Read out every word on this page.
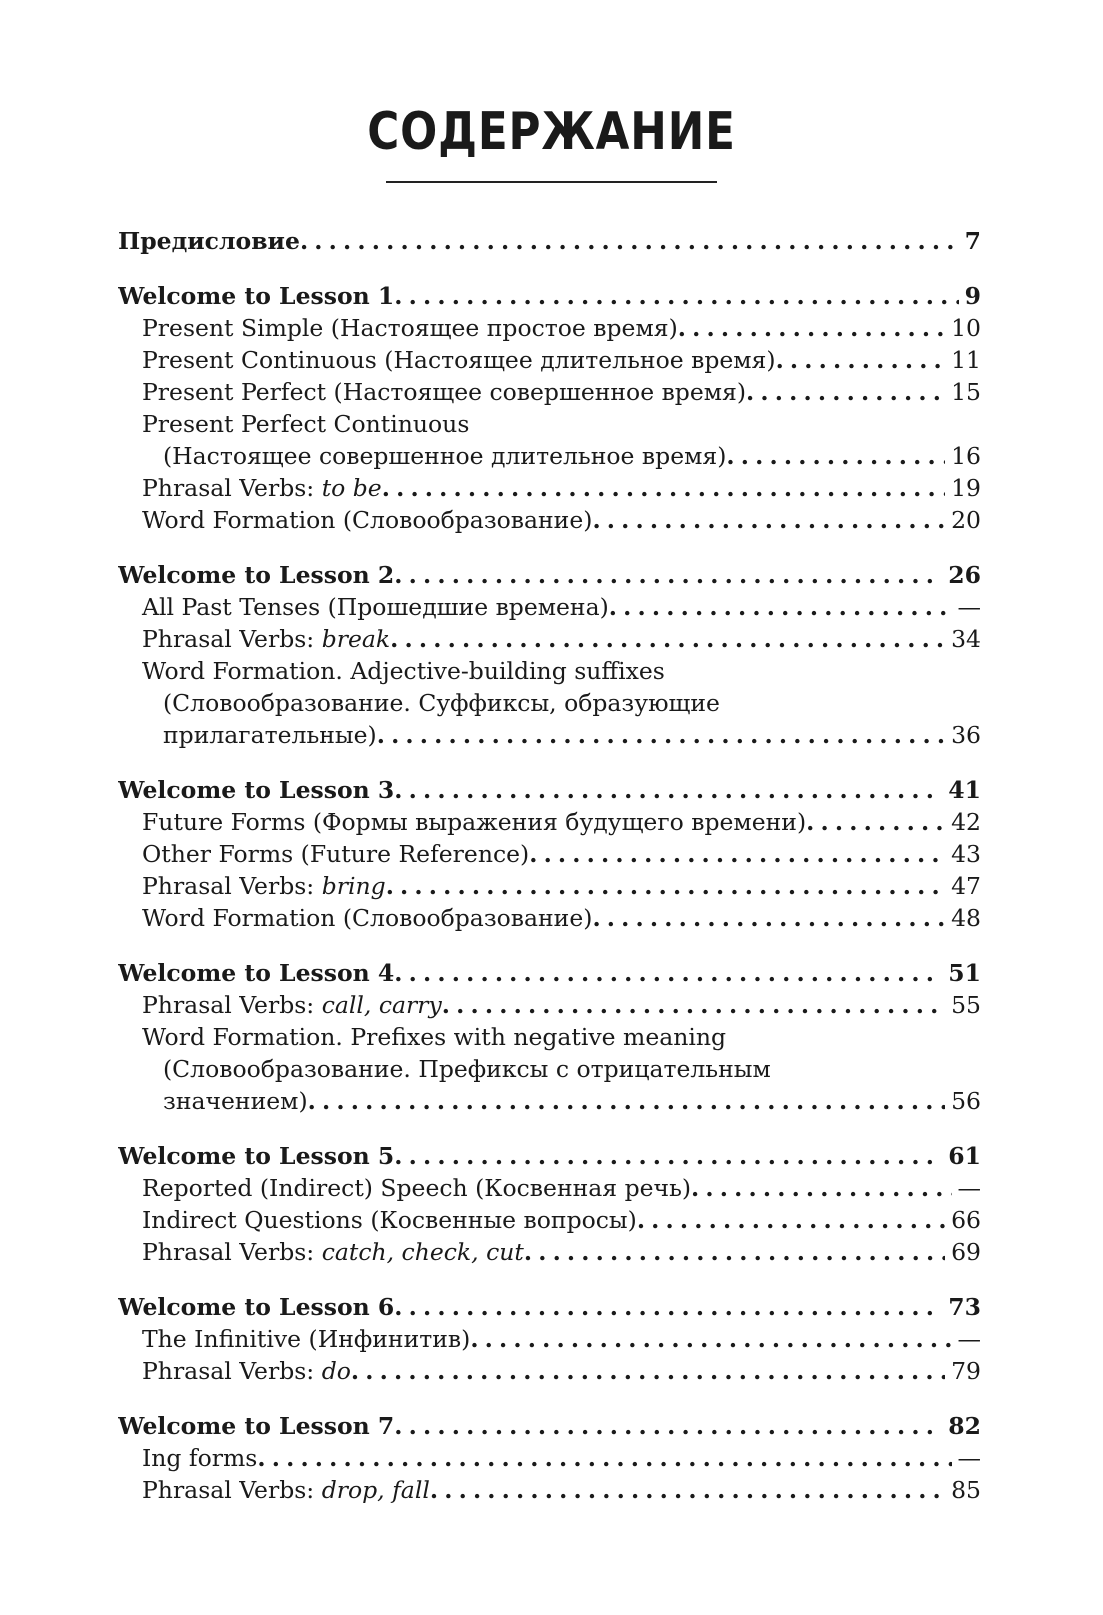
СОДЕРЖАНИЕ
Предисловие . . .	7
Welcome to Lesson 1 . . .	9
Present Simple (Настоящее простое время) . . .	10
Present Continuous (Настоящее длительное время) . . .	11
Present Perfect (Настоящее совершенное время) . . .	15
Present Perfect Continuous
(Настоящее совершенное длительное время) . . .	16
Phrasal Verbs: to be . . .	19
Word Formation (Словообразование) . . .	20
Welcome to Lesson 2 . . .	26
All Past Tenses (Прошедшие времена) . . .	—
Phrasal Verbs: break . . .	34
Word Formation. Adjective-building suffixes
(Словообразование. Суффиксы, образующие
прилагательные) . . .	36
Welcome to Lesson 3 . . .	41
Future Forms (Формы выражения будущего времени) . . .	42
Other Forms (Future Reference) . . .	43
Phrasal Verbs: bring . . .	47
Word Formation (Словообразование) . . .	48
Welcome to Lesson 4 . . .	51
Phrasal Verbs: call, carry . . .	55
Word Formation. Prefixes with negative meaning
(Словообразование. Префиксы с отрицательным
значением) . . .	56
Welcome to Lesson 5 . . .	61
Reported (Indirect) Speech (Косвенная речь) . . .	—
Indirect Questions (Косвенные вопросы) . . .	66
Phrasal Verbs: catch, check, cut . . .	69
Welcome to Lesson 6 . . .	73
The Infinitive (Инфинитив) . . .	—
Phrasal Verbs: do . . .	79
Welcome to Lesson 7 . . .	82
Ing forms . . .	—
Phrasal Verbs: drop, fall . . .	85
